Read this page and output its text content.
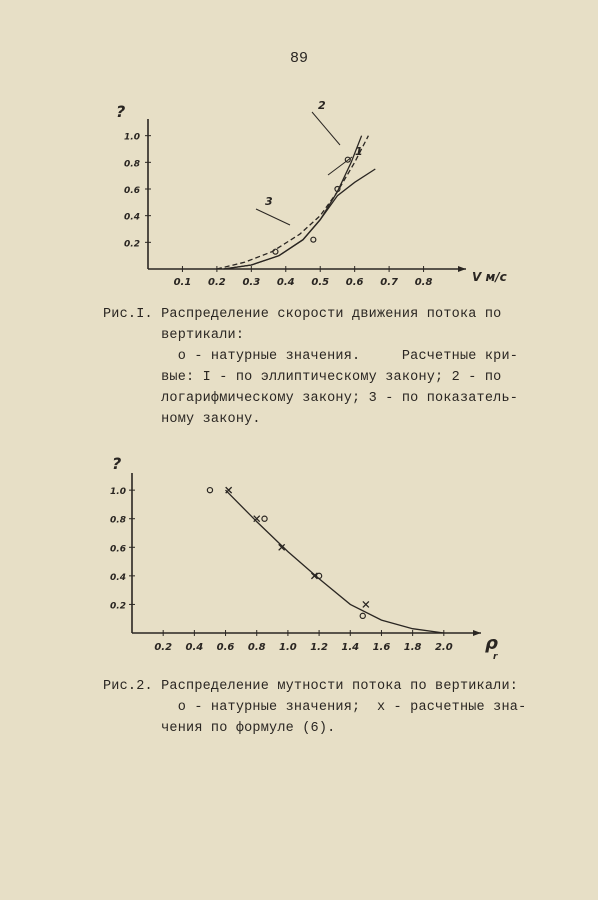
89
0.1 0.2 0.3 0.4 0.5 0.6 0.7 0.8
1.0
0.8
0.6
0.4
0.2
?
V м/с
1
2
3
Рис.I. Распределение скорости движения потока по
вертикали:
о - натурные значения.     Расчетные кри-
вые: I - по эллиптическому закону; 2 - по
логарифмическому закону; 3 - по показатель-
ному закону.
0.2 0.4 0.6 0.8 1.0 1.2 1.4 1.6 1.8 2.0
1.0
0.8
0.6
0.4
0.2
?
ρ
r
Рис.2. Распределение мутности потока по вертикали:
о - натурные значения;  x - расчетные зна-
чения по формуле (6).
